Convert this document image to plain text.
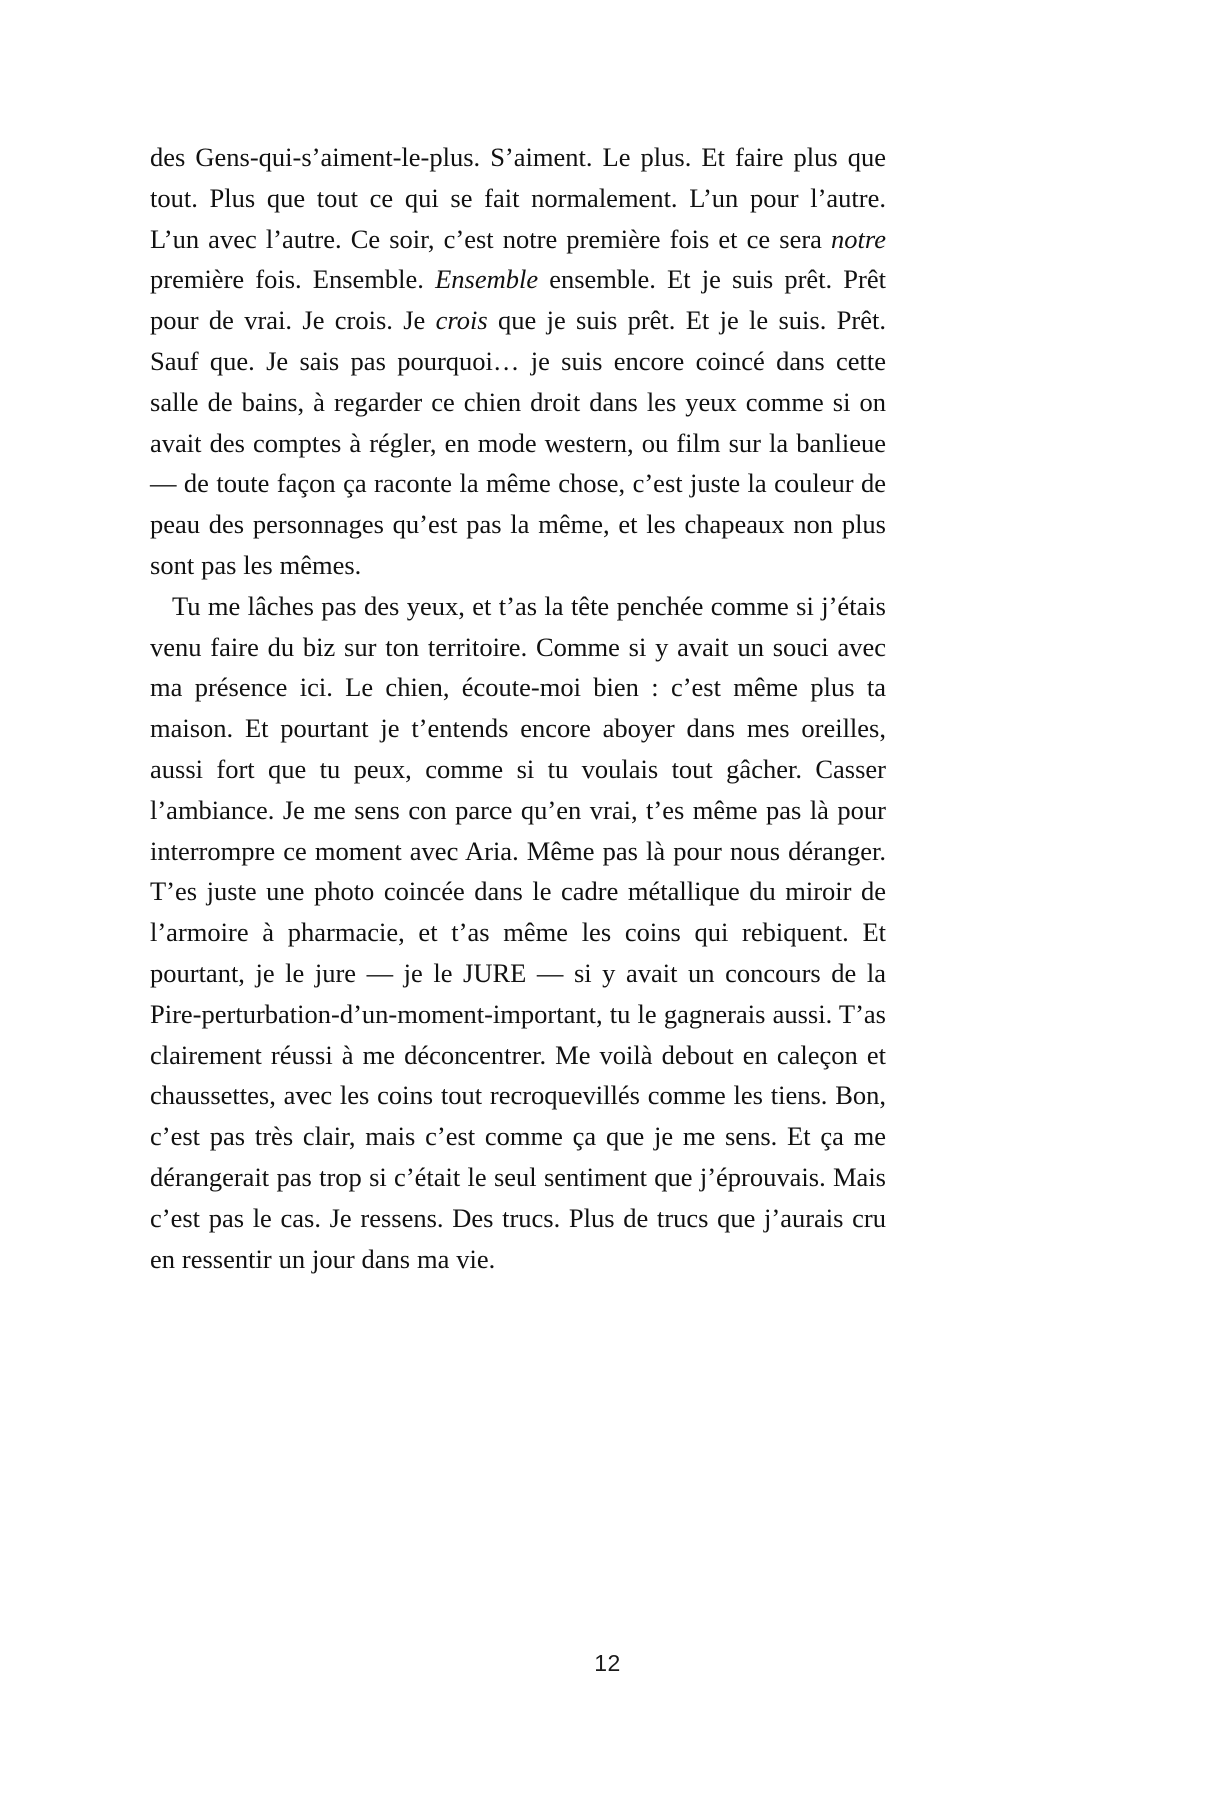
des Gens-qui-s’aiment-le-plus. S’aiment. Le plus. Et faire plus que tout. Plus que tout ce qui se fait normalement. L’un pour l’autre. L’un avec l’autre. Ce soir, c’est notre première fois et ce sera notre première fois. Ensemble. Ensemble ensemble. Et je suis prêt. Prêt pour de vrai. Je crois. Je crois que je suis prêt. Et je le suis. Prêt. Sauf que. Je sais pas pourquoi… je suis encore coincé dans cette salle de bains, à regarder ce chien droit dans les yeux comme si on avait des comptes à régler, en mode western, ou film sur la banlieue — de toute façon ça raconte la même chose, c’est juste la couleur de peau des personnages qu’est pas la même, et les chapeaux non plus sont pas les mêmes.

Tu me lâches pas des yeux, et t’as la tête penchée comme si j’étais venu faire du biz sur ton territoire. Comme si y avait un souci avec ma présence ici. Le chien, écoute-moi bien : c’est même plus ta maison. Et pourtant je t’entends encore aboyer dans mes oreilles, aussi fort que tu peux, comme si tu voulais tout gâcher. Casser l’ambiance. Je me sens con parce qu’en vrai, t’es même pas là pour interrompre ce moment avec Aria. Même pas là pour nous déranger. T’es juste une photo coincée dans le cadre métallique du miroir de l’armoire à pharmacie, et t’as même les coins qui rebiquent. Et pourtant, je le jure — je le JURE — si y avait un concours de la Pire-perturbation-d’un-moment-important, tu le gagnerais aussi. T’as clairement réussi à me déconcentrer. Me voilà debout en caleçon et chaussettes, avec les coins tout recroquevillés comme les tiens. Bon, c’est pas très clair, mais c’est comme ça que je me sens. Et ça me dérangerait pas trop si c’était le seul sentiment que j’éprouvais. Mais c’est pas le cas. Je ressens. Des trucs. Plus de trucs que j’aurais cru en ressentir un jour dans ma vie.

12
